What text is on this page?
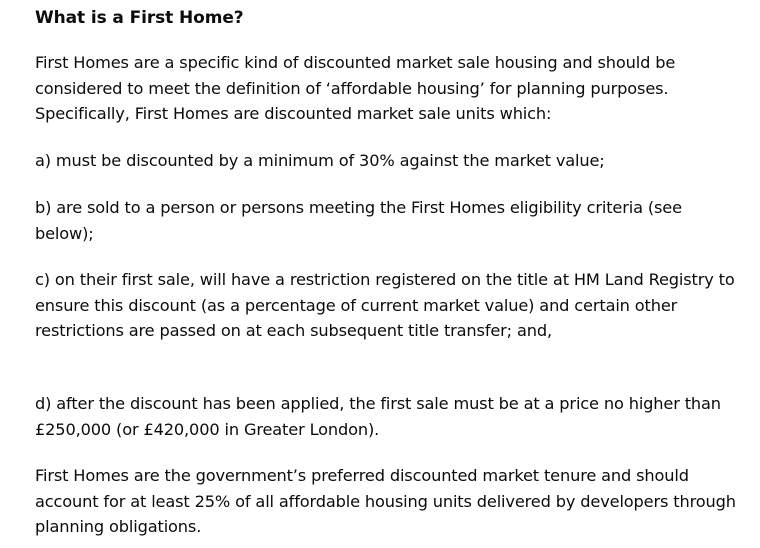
What is a First Home?

First Homes are a specific kind of discounted market sale housing and should be considered to meet the definition of ‘affordable housing’ for planning purposes. Specifically, First Homes are discounted market sale units which:

a) must be discounted by a minimum of 30% against the market value;

b) are sold to a person or persons meeting the First Homes eligibility criteria (see below);

c) on their first sale, will have a restriction registered on the title at HM Land Registry to ensure this discount (as a percentage of current market value) and certain other restrictions are passed on at each subsequent title transfer; and,

d) after the discount has been applied, the first sale must be at a price no higher than £250,000 (or £420,000 in Greater London).

First Homes are the government’s preferred discounted market tenure and should account for at least 25% of all affordable housing units delivered by developers through planning obligations.
